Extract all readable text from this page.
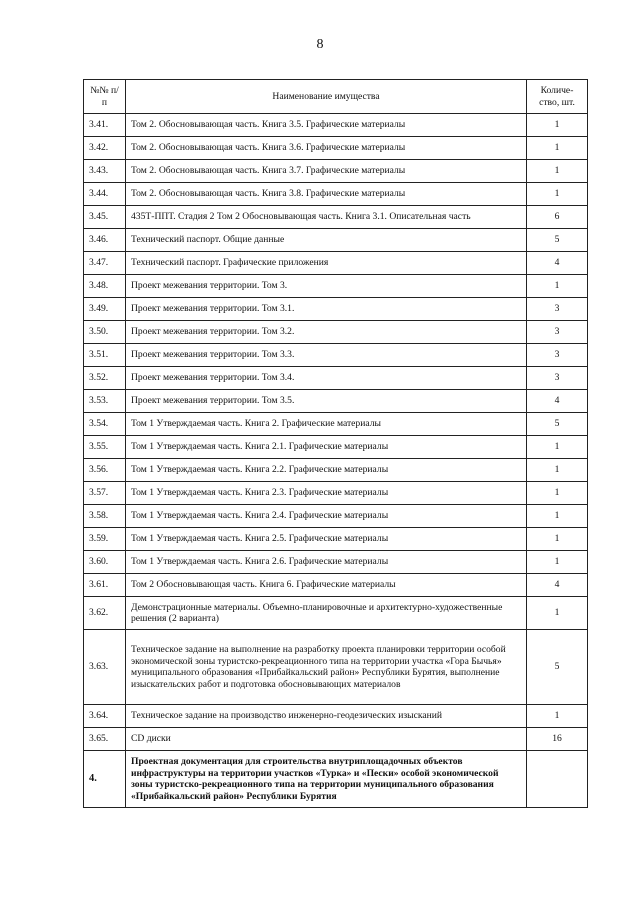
8
№№ п/п	Наименование имущества	Количе-ство, шт.
3.41.	Том 2. Обосновывающая часть. Книга 3.5. Графические материалы	1
3.42.	Том 2. Обосновывающая часть. Книга 3.6. Графические материалы	1
3.43.	Том 2. Обосновывающая часть. Книга 3.7. Графические материалы	1
3.44.	Том 2. Обосновывающая часть. Книга 3.8. Графические материалы	1
3.45.	435Т-ППТ. Стадия 2 Том 2 Обосновывающая часть. Книга 3.1. Описательная часть	6
3.46.	Технический паспорт. Общие данные	5
3.47.	Технический паспорт. Графические приложения	4
3.48.	Проект межевания территории. Том 3.	1
3.49.	Проект межевания территории. Том 3.1.	3
3.50.	Проект межевания территории. Том 3.2.	3
3.51.	Проект межевания территории. Том 3.3.	3
3.52.	Проект межевания территории. Том 3.4.	3
3.53.	Проект межевания территории. Том 3.5.	4
3.54.	Том 1 Утверждаемая часть. Книга 2. Графические материалы	5
3.55.	Том 1 Утверждаемая часть. Книга 2.1. Графические материалы	1
3.56.	Том 1 Утверждаемая часть. Книга 2.2. Графические материалы	1
3.57.	Том 1 Утверждаемая часть. Книга 2.3. Графические материалы	1
3.58.	Том 1 Утверждаемая часть. Книга 2.4. Графические материалы	1
3.59.	Том 1 Утверждаемая часть. Книга 2.5. Графические материалы	1
3.60.	Том 1 Утверждаемая часть. Книга 2.6. Графические материалы	1
3.61.	Том 2 Обосновывающая часть. Книга 6. Графические материалы	4
3.62.	Демонстрационные материалы. Объемно-планировочные и архитектурно-художественные решения (2 варианта)	1
3.63.	Техническое задание на выполнение на разработку проекта планировки территории особой экономической зоны туристско-рекреационного типа на территории участка «Гора Бычья» муниципального образования «Прибайкальский район» Республики Бурятия, выполнение изыскательских работ и подготовка обосновывающих материалов	5
3.64.	Техническое задание на производство инженерно-геодезических изысканий	1
3.65.	CD диски	16
4.	Проектная документация для строительства внутриплощадочных объектов инфраструктуры на территории участков «Турка» и «Пески» особой экономической зоны туристско-рекреационного типа на территории муниципального образования «Прибайкальский район» Республики Бурятия	
